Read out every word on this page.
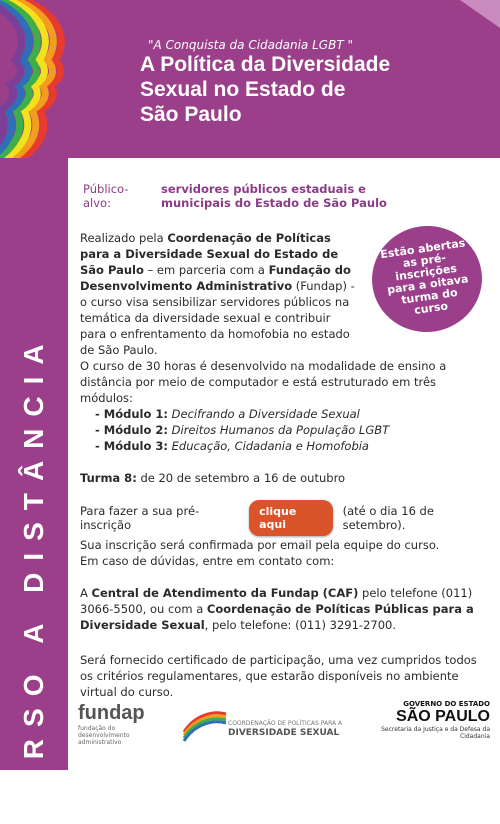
"A Conquista da Cidadania LGBT "
A Política da Diversidade
Sexual no Estado de
São Paulo
CURSO A DISTÂNCIA
Público-alvo:
servidores públicos estaduais e municipais do Estado de São Paulo
Realizado pela Coordenação de Políticas para a Diversidade Sexual do Estado de São Paulo – em parceria com a Fundação do Desenvolvimento Administrativo (Fundap) - o curso visa sensibilizar servidores públicos na temática da diversidade sexual e contribuir para o enfrentamento da homofobia no estado de São Paulo.
Estão abertas as pré-inscrições para a oitava turma do curso
O curso de 30 horas é desenvolvido na modalidade de ensino a distância por meio de computador e está estruturado em três módulos:
- Módulo 1: Decifrando a Diversidade Sexual
- Módulo 2: Direitos Humanos da População LGBT
- Módulo 3: Educação, Cidadania e Homofobia
Turma 8: de 20 de setembro a 16 de outubro
Para fazer a sua pré-inscrição
clique aqui
(até o dia 16 de setembro).
Sua inscrição será confirmada por email pela equipe do curso.
Em caso de dúvidas, entre em contato com:
A Central de Atendimento da Fundap (CAF) pelo telefone (011) 3066-5500, ou com a Coordenação de Políticas Públicas para a Diversidade Sexual, pelo telefone: (011) 3291-2700.
Será fornecido certificado de participação, uma vez cumpridos todos os critérios regulamentares, que estarão disponíveis no ambiente virtual do curso.
fundap
fundação do desenvolvimento administrativo
COORDENAÇÃO DE POLÍTICAS PARA A
DIVERSIDADE SEXUAL
GOVERNO DO ESTADO
SÃO PAULO
Secretaria da Justiça e da Defesa da Cidadania
